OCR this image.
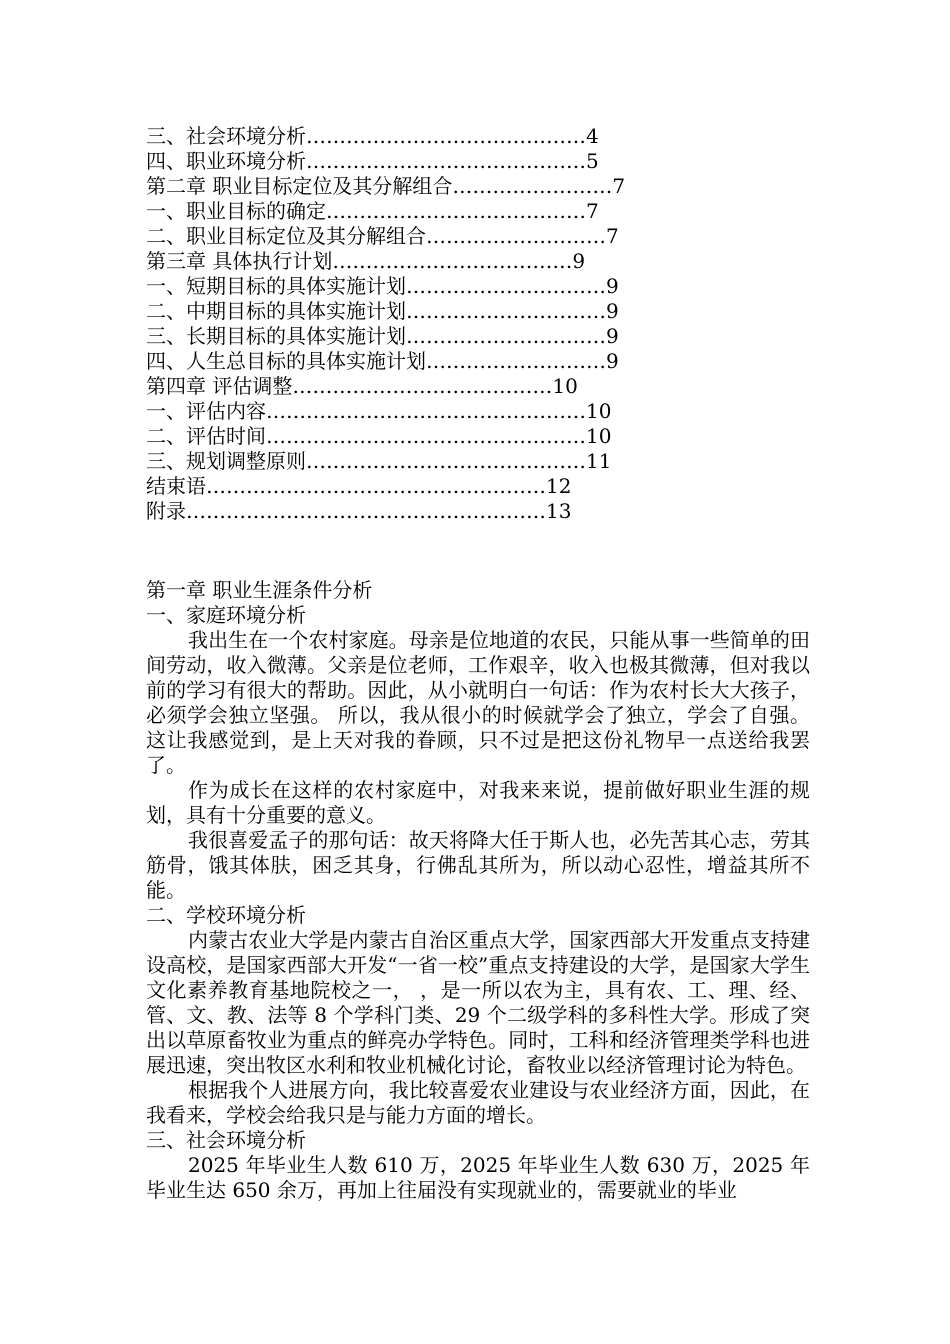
三、社会环境分析……………………………………4
四、职业环境分析……………………………………5
第二章 职业目标定位及其分解组合……………………7
一、职业目标的确定…………………………………7
二、职业目标定位及其分解组合………………………7
第三章 具体执行计划………………………………9
一、短期目标的具体实施计划…………………………9
二、中期目标的具体实施计划…………………………9
三、长期目标的具体实施计划…………………………9
四、人生总目标的具体实施计划………………………9
第四章 评估调整…………………………………10
一、评估内容…………………………………………10
二、评估时间…………………………………………10
三、规划调整原则……………………………………11
结束语……………………………………………12
附录………………………………………………13
第一章 职业生涯条件分析
一、家庭环境分析

我出生在一个农村家庭。母亲是位地道的农民，只能从事一些简单的田间劳动，收入微薄。父亲是位老师，工作艰辛，收入也极其微薄，但对我以前的学习有很大的帮助。因此，从小就明白一句话：作为农村长大大孩子，必须学会独立坚强。 所以，我从很小的时候就学会了独立，学会了自强。这让我感觉到，是上天对我的眷顾，只不过是把这份礼物早一点送给我罢了。

作为成长在这样的农村家庭中，对我来来说，提前做好职业生涯的规划，具有十分重要的意义。

我很喜爱孟子的那句话：故天将降大任于斯人也，必先苦其心志，劳其筋骨，饿其体肤，困乏其身，行佛乱其所为，所以动心忍性，增益其所不能。

二、学校环境分析

内蒙古农业大学是内蒙古自治区重点大学，国家西部大开发重点支持建设高校，是国家西部大开发“一省一校”重点支持建设的大学，是国家大学生文化素养教育基地院校之一， ，是一所以农为主，具有农、工、理、经、管、文、教、法等 8 个学科门类、29 个二级学科的多科性大学。形成了突出以草原畜牧业为重点的鲜亮办学特色。同时，工科和经济管理类学科也进展迅速，突出牧区水利和牧业机械化讨论，畜牧业以经济管理讨论为特色。

根据我个人进展方向，我比较喜爱农业建设与农业经济方面，因此，在我看来，学校会给我只是与能力方面的增长。

三、社会环境分析

2025 年毕业生人数 610 万，2025 年毕业生人数 630 万，2025 年毕业生达 650 余万，再加上往届没有实现就业的，需要就业的毕业
